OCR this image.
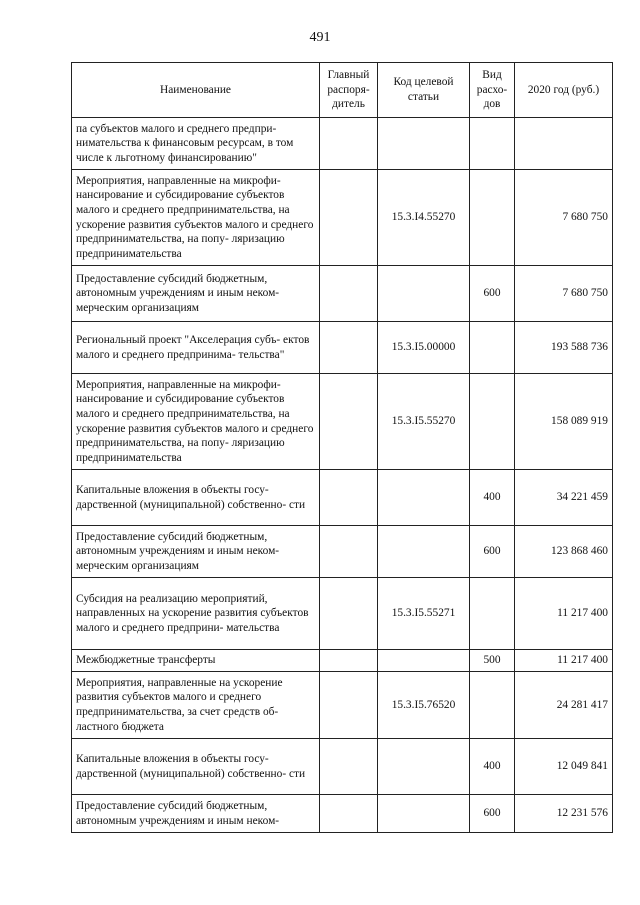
491
Наименование	Главный распоря- дитель	Код целевой статьи	Вид расхо- дов	2020 год (руб.)
па субъектов малого и среднего предпри- нимательства к финансовым ресурсам, в том числе к льготному финансированию"				
Мероприятия, направленные на микрофи- нансирование и субсидирование субъектов малого и среднего предпринимательства, на ускорение развития субъектов малого и среднего предпринимательства, на попу- ляризацию предпринимательства		15.3.I4.55270		7 680 750
Предоставление субсидий бюджетным, автономным учреждениям и иным неком- мерческим организациям			600	7 680 750
Региональный проект "Акселерация субъ- ектов малого и среднего предпринима- тельства"		15.3.I5.00000		193 588 736
Мероприятия, направленные на микрофи- нансирование и субсидирование субъектов малого и среднего предпринимательства, на ускорение развития субъектов малого и среднего предпринимательства, на попу- ляризацию предпринимательства		15.3.I5.55270		158 089 919
Капитальные вложения в объекты госу- дарственной (муниципальной) собственно- сти			400	34 221 459
Предоставление субсидий бюджетным, автономным учреждениям и иным неком- мерческим организациям			600	123 868 460
Субсидия на реализацию мероприятий, направленных на ускорение развития субъектов малого и среднего предприни- мательства		15.3.I5.55271		11 217 400
Межбюджетные трансферты			500	11 217 400
Мероприятия, направленные на ускорение развития субъектов малого и среднего предпринимательства, за счет средств об- ластного бюджета		15.3.I5.76520		24 281 417
Капитальные вложения в объекты госу- дарственной (муниципальной) собственно- сти			400	12 049 841
Предоставление субсидий бюджетным, автономным учреждениям и иным неком-			600	12 231 576
